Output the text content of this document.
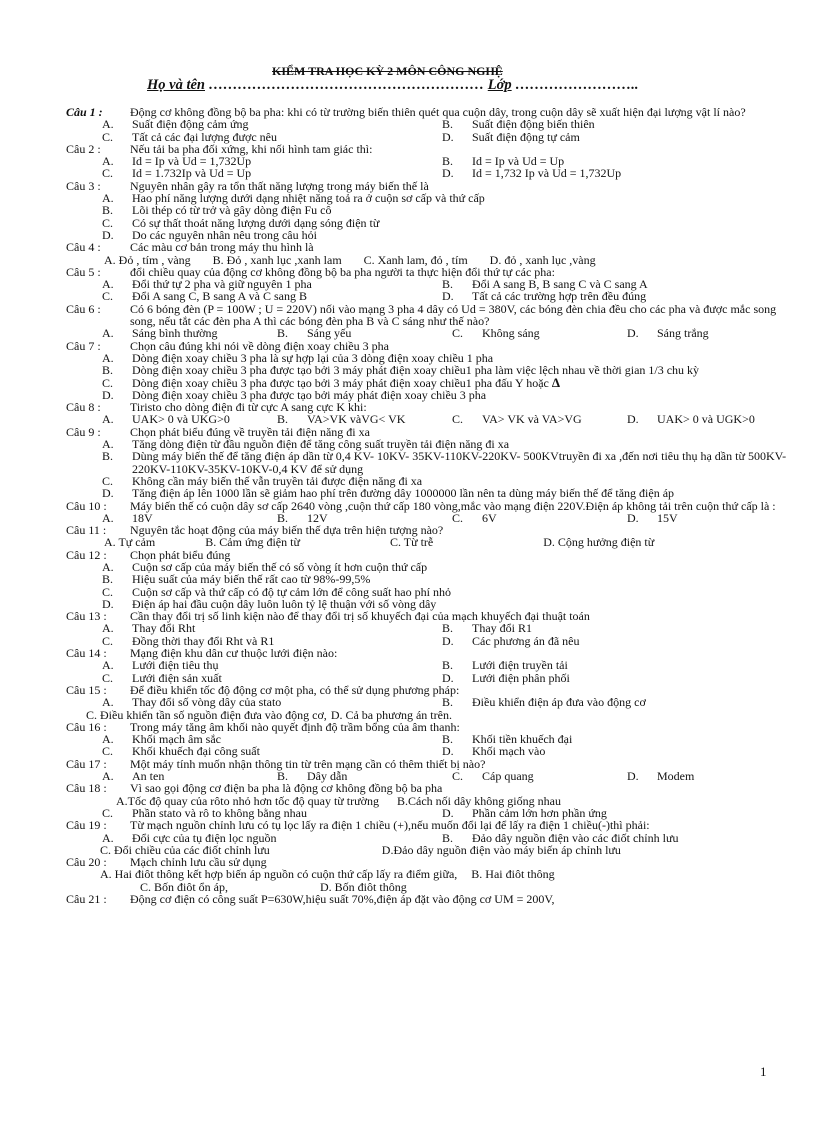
KIỂM TRA HỌC KỲ 2 MÔN CÔNG NGHỆ
Họ và tên ………………………………………………… Lớp ……………………..
Câu 1 :	Động cơ không đồng bộ ba pha: khi có từ trường biến thiên quét qua cuộn dây, trong cuộn dây sẽ xuất hiện đại lượng vật lí nào?
A.	Suất điện động cảm ứng	B.	Suất điện động biến thiên
C.	Tất cả các đại lượng được nêu	D.	Suất điện động tự cảm
Câu 2 :	Nếu tải ba pha đối xứng, khi nối hình tam giác thì:
A.	Id = Ip và Ud = 1,732Up	B.	Id = Ip và Ud = Up
C.	Id = 1.732Ip và Ud = Up	D.	Id = 1,732 Ip và Ud = 1,732Up
Câu 3 :	Nguyên nhân gây ra tổn thất năng lượng trong máy biến thế là
A.	Hao phí năng lượng dưới dạng nhiệt năng toả ra ở cuộn sơ cấp và thứ cấp
B.	Lõi thép có từ trở và gây dòng điện Fu cô
C.	Có sự thất thoát năng lượng dưới dạng sóng điện từ
D.	Do các nguyên nhân nêu trong câu hỏi
Câu 4 :	Các màu cơ bản trong máy thu hình là
A. Đỏ , tím , vàng B. Đỏ , xanh lục ,xanh lam C. Xanh lam, đỏ , tím D. đỏ , xanh lục ,vàng
Câu 5 :	đổi chiều quay của động cơ không đồng bộ ba pha người ta thực hiện đổi thứ tự các pha:
A.	Đổi thứ tự 2 pha và giữ nguyên 1 pha	B.	Đổi A sang B, B sang C và C sang A
C.	Đổi A sang C, B sang A và C sang B	D.	Tất cả các trường hợp trên đều đúng
Câu 6 :	Có 6 bóng đèn (P = 100W ; U = 220V) nối vào mạng 3 pha 4 dây có Ud = 380V, các bóng đèn chia đều cho các pha và được mắc song song, nếu tắt các đèn pha A thì các bóng đèn pha B và C sáng như thế nào?
A.	Sáng bình thường	B.	Sáng yếu	C.	Không sáng	D.	Sáng trắng
Câu 7 :	Chọn câu đúng khi nói về dòng điện xoay chiều 3 pha
A.	Dòng điện xoay chiều 3 pha là sự hợp lại của 3 dòng điện xoay chiều 1 pha
B.	Dòng điện xoay chiều 3 pha được tạo bởi 3 máy phát điện xoay chiều1 pha làm việc lệch nhau về thời gian 1/3 chu kỳ
C.	Dòng điện xoay chiều 3 pha được tạo bởi 3 máy phát điện xoay chiều1 pha đấu Y hoặc Δ
D.	Dòng điện xoay chiều 3 pha được tạo bởi máy phát điện xoay chiều 3 pha
Câu 8 :	Tiristo cho dòng điện đi từ cực A sang cực K khi:
A.	UAK> 0 và UKG>0	B.	VA>VK vàVG< VK	C.	VA> VK và VA>VG	D.	UAK> 0 và UGK>0
Câu 9 :	Chọn phát biểu đúng về truyền tải điện năng đi xa
A.	Tăng dòng điện từ đầu nguồn điện để tăng công suất truyền tải điện năng đi xa
B.	Dùng máy biến thế để tăng điện áp dần từ 0,4 KV- 10KV- 35KV-110KV-220KV- 500KVtruyền đi xa ,đến nơi tiêu thụ hạ dần từ 500KV-220KV-110KV-35KV-10KV-0,4 KV để sử dụng
C.	Không cần máy biến thế vẫn truyền tải được điện năng đi xa
D.	Tăng điện áp lên 1000 lần sẽ giảm hao phí trên đường dây 1000000 lần nên ta dùng máy biến thế để tăng điện áp
Câu 10 :	Máy biến thế có cuộn dây sơ cấp 2640 vòng ,cuộn thứ cấp 180 vòng,mắc vào mạng điện 220V.Điện áp không tải trên cuộn thứ cấp là :
A.	18V	B.	12V	C.	6V	D.	15V
Câu 11 :	Nguyên tắc hoạt động của máy biến thế dựa trên hiện tượng nào?
A. Tự cảm	B. Cảm ứng điện từ	C. Từ trễ	D. Cộng hưởng điện từ
Câu 12 :	Chọn phát biểu đúng
A.	Cuộn sơ cấp của máy biến thế có số vòng ít hơn cuộn thứ cấp
B.	Hiệu suất của máy biến thế rất cao từ 98%-99,5%
C.	Cuộn sơ cấp và thứ cấp có độ tự cảm lớn để công suất hao phí nhỏ
D.	Điện áp hai đầu cuộn dây luôn luôn tỷ lệ thuận với số vòng dây
Câu 13 :	Cần thay đổi trị số linh kiện nào để thay đổi trị số khuyếch đại của mạch khuyếch đại thuật toán
A.	Thay đổi Rht	B.	Thay đổi R1
C.	Đồng thời thay đổi Rht và R1	D.	Các phương án đã nêu
Câu 14 :	Mạng điện khu dân cư thuộc lưới điện nào:
A.	Lưới điện tiêu thụ	B.	Lưới điện truyền tải
C.	Lưới điện sản xuất	D.	Lưới điện phân phối
Câu 15 :	Để điều khiển tốc độ động cơ một pha, có thể sử dụng phương pháp:
A.	Thay đổi số vòng dây của stato	B.	Điều khiển điện áp đưa vào động cơ
C. Điều khiển tần số nguồn điện đưa vào động cơ, D. Cả ba phương án trên.
Câu 16 :	Trong máy tăng âm khối nào quyết định độ trầm bổng của âm thanh:
A.	Khối mạch âm sắc	B.	Khối tiền khuếch đại
C.	Khối khuếch đại công suất	D.	Khối mạch vào
Câu 17 :	Một máy tính muốn nhận thông tin từ trên mạng cần có thêm thiết bị nào?
A.	An ten	B.	Dây dẫn	C.	Cáp quang	D.	Modem
Câu 18 :	Vì sao gọi động cơ điện ba pha là động cơ không đồng bộ ba pha
A.Tốc độ quay của rôto nhỏ hơn tốc độ quay từ trường B.Cách nối dây không giống nhau
C.	Phần stato và rô to không bằng nhau	D.	Phần cảm lớn hơn phần ứng
Câu 19 :	Từ mạch nguồn chỉnh lưu có tụ lọc lấy ra điện 1 chiều (+),nếu muốn đổi lại để lấy ra điện 1 chiều(-)thì phải:
A.	Đổi cực của tụ điện lọc nguồn	B.	Đảo dây nguồn điện vào các điốt chỉnh lưu
C. Đổi chiều của các điốt chỉnh lưu	D.Đảo dây nguồn điện vào máy biến áp chỉnh lưu
Câu 20 :	Mạch chỉnh lưu cầu sử dụng
A. Hai điôt thông kết hợp biến áp nguồn có cuộn thứ cấp lấy ra điểm giữa, B. Hai điôt thông
C. Bốn điôt ổn áp,	D. Bốn điôt thông
Câu 21 :	Động cơ điện có công suất P=630W,hiệu suất 70%,điện áp đặt vào động cơ UM = 200V,
1
